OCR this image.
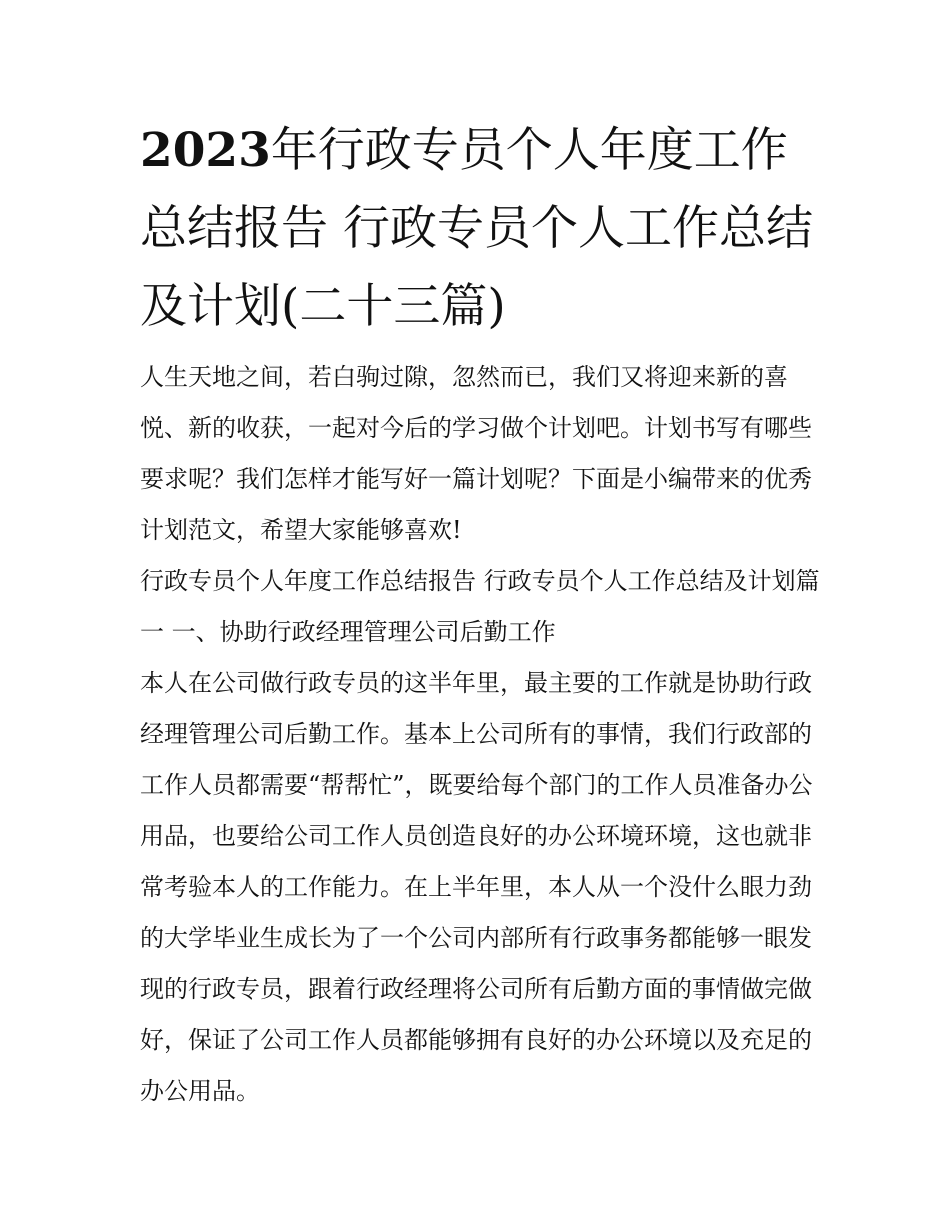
2023年行政专员个人年度工作总结报告 行政专员个人工作总结及计划(二十三篇)

人生天地之间，若白驹过隙，忽然而已，我们又将迎来新的喜悦、新的收获，一起对今后的学习做个计划吧。计划书写有哪些要求呢？我们怎样才能写好一篇计划呢？下面是小编带来的优秀计划范文，希望大家能够喜欢!

行政专员个人年度工作总结报告 行政专员个人工作总结及计划篇一 一、协助行政经理管理公司后勤工作

本人在公司做行政专员的这半年里，最主要的工作就是协助行政经理管理公司后勤工作。基本上公司所有的事情，我们行政部的工作人员都需要“帮帮忙”，既要给每个部门的工作人员准备办公用品，也要给公司工作人员创造良好的办公环境环境，这也就非常考验本人的工作能力。在上半年里，本人从一个没什么眼力劲的大学毕业生成长为了一个公司内部所有行政事务都能够一眼发现的行政专员，跟着行政经理将公司所有后勤方面的事情做完做好，保证了公司工作人员都能够拥有良好的办公环境以及充足的办公用品。
